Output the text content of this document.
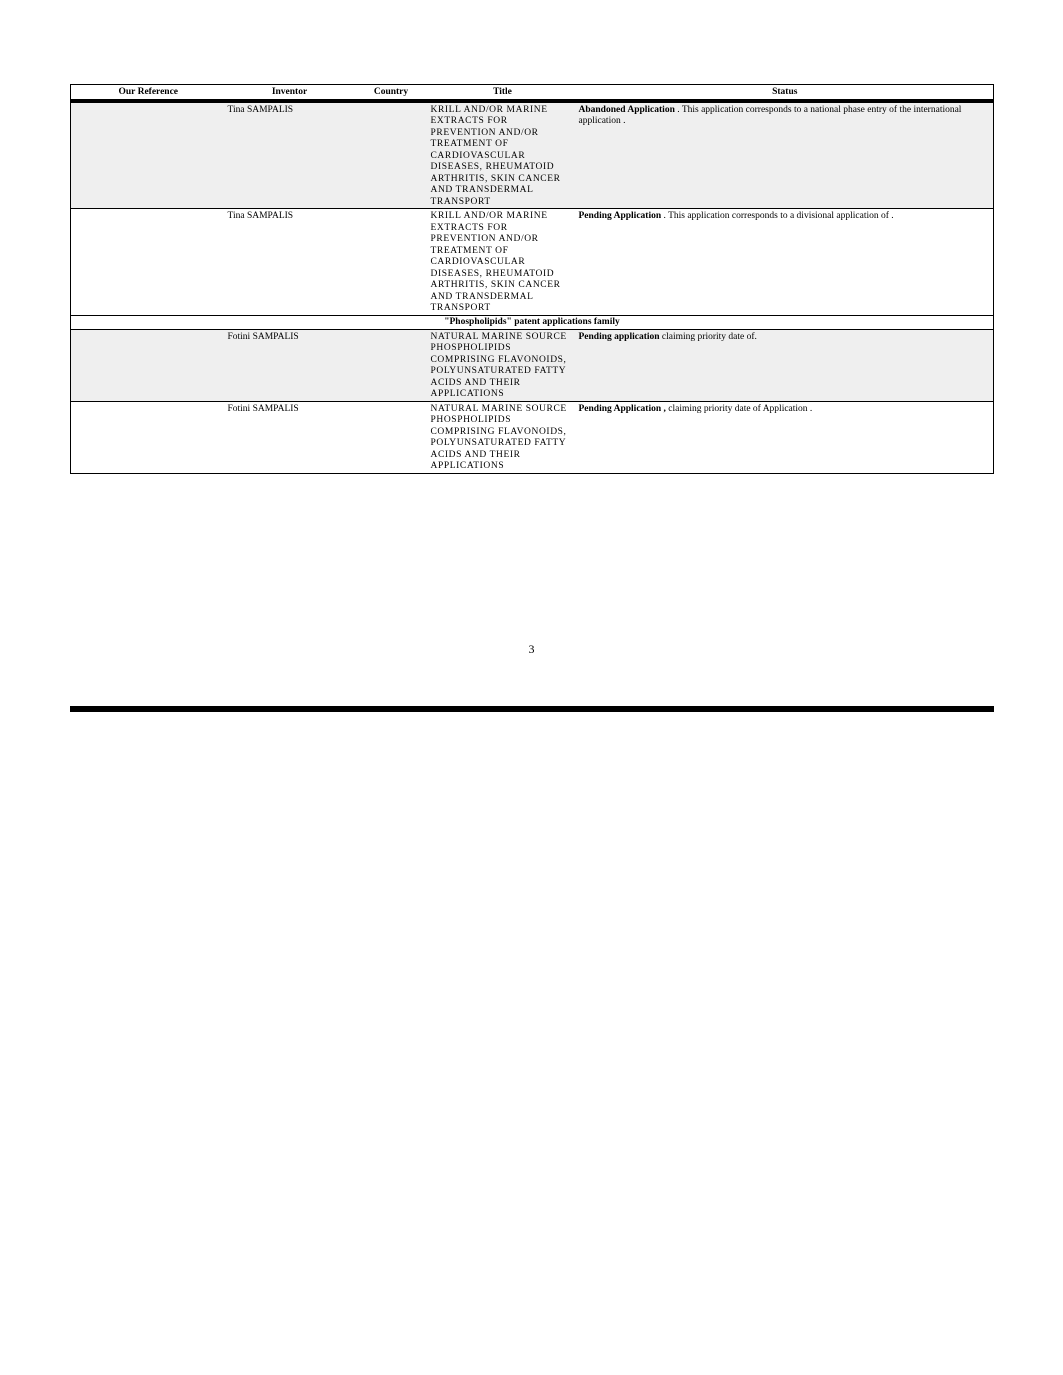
Our Reference	Inventor	Country	Title	Status
	Tina SAMPALIS		KRILL AND/OR MARINE EXTRACTS FOR PREVENTION AND/OR TREATMENT OF CARDIOVASCULAR DISEASES, RHEUMATOID ARTHRITIS, SKIN CANCER AND TRANSDERMAL TRANSPORT	Abandoned Application . This application corresponds to a national phase entry of the international application .
	Tina SAMPALIS		KRILL AND/OR MARINE EXTRACTS FOR PREVENTION AND/OR TREATMENT OF CARDIOVASCULAR DISEASES, RHEUMATOID ARTHRITIS, SKIN CANCER AND TRANSDERMAL TRANSPORT	Pending Application . This application corresponds to a divisional application of .
"Phospholipids" patent applications family				
	Fotini SAMPALIS		NATURAL MARINE SOURCE PHOSPHOLIPIDS COMPRISING FLAVONOIDS, POLYUNSATURATED FATTY ACIDS AND THEIR APPLICATIONS	Pending application claiming priority date of.
	Fotini SAMPALIS		NATURAL MARINE SOURCE PHOSPHOLIPIDS COMPRISING FLAVONOIDS, POLYUNSATURATED FATTY ACIDS AND THEIR APPLICATIONS	Pending Application , claiming priority date of Application .
3
